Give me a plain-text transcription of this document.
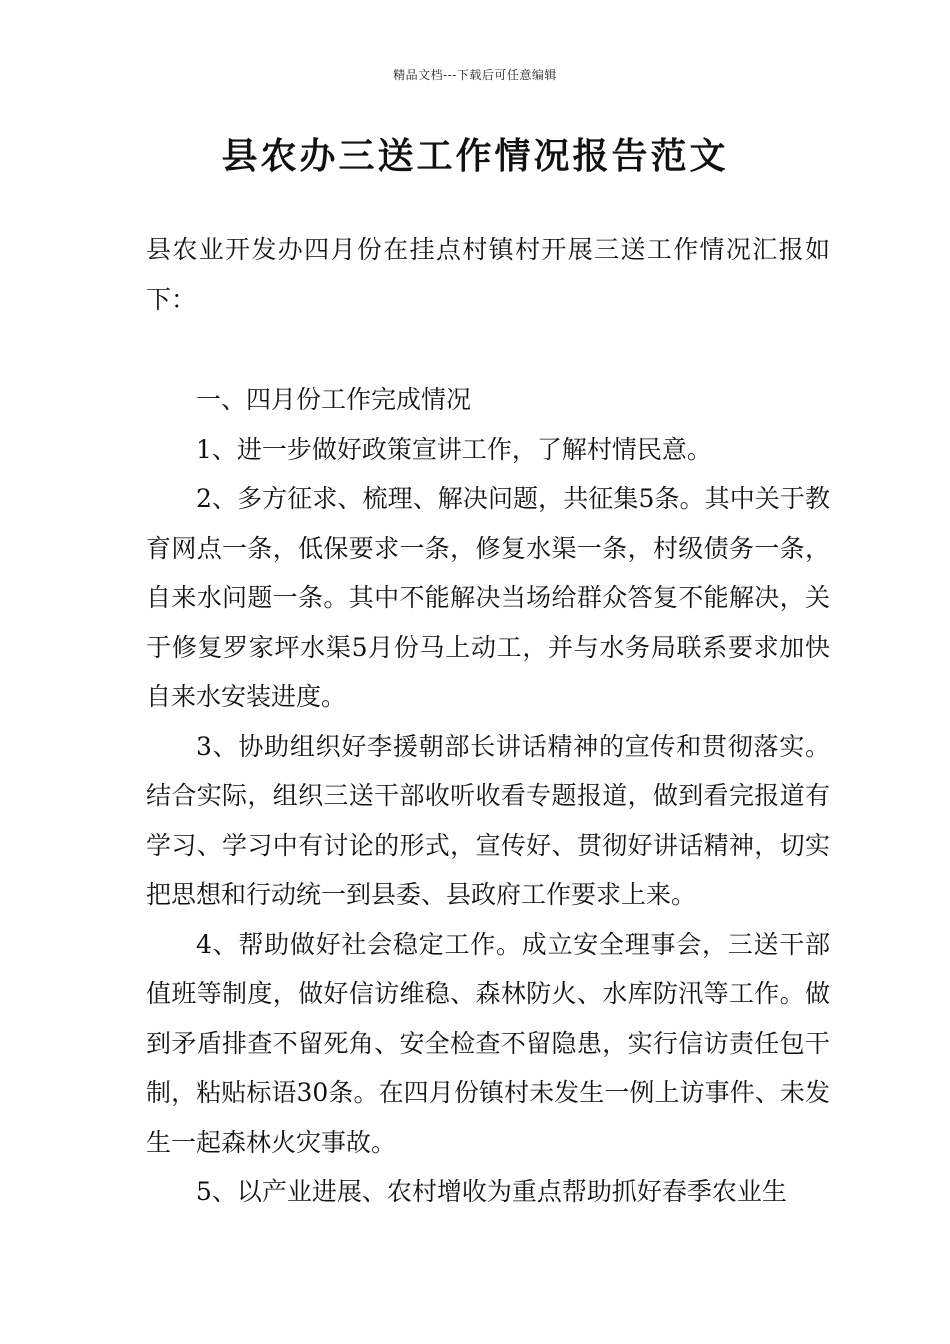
精品文档---下载后可任意编辑
县农办三送工作情况报告范文

县农业开发办四月份在挂点村镇村开展三送工作情况汇报如下：

一、四月份工作完成情况

1、进一步做好政策宣讲工作，了解村情民意。

2、多方征求、梳理、解决问题，共征集5条。其中关于教育网点一条，低保要求一条，修复水渠一条，村级债务一条，自来水问题一条。其中不能解决当场给群众答复不能解决，关于修复罗家坪水渠5月份马上动工，并与水务局联系要求加快自来水安装进度。

3、协助组织好李援朝部长讲话精神的宣传和贯彻落实。结合实际，组织三送干部收听收看专题报道，做到看完报道有学习、学习中有讨论的形式，宣传好、贯彻好讲话精神，切实把思想和行动统一到县委、县政府工作要求上来。

4、帮助做好社会稳定工作。成立安全理事会，三送干部值班等制度，做好信访维稳、森林防火、水库防汛等工作。做到矛盾排查不留死角、安全检查不留隐患，实行信访责任包干制，粘贴标语30条。在四月份镇村未发生一例上访事件、未发生一起森林火灾事故。

5、以产业进展、农村增收为重点帮助抓好春季农业生
